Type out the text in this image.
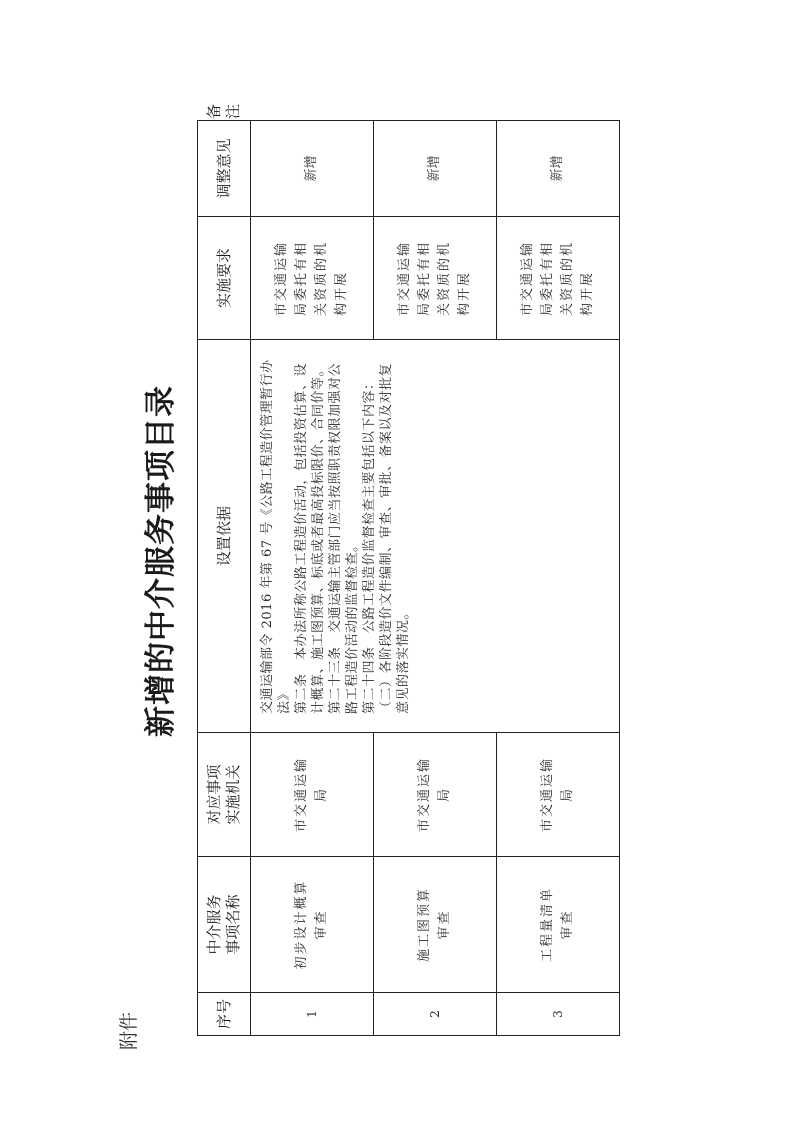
附件
新增的中介服务事项目录
序号	中介服务
事项名称	对应事项
实施机关	设置依据	实施要求	调整意见	备注
1	初步设计概算
审查	市交通运输局	交通运输部令 2016 年第 67 号《公路工程造价管理暂行办法》
第二条　本办法所称公路工程造价活动，包括投资估算、设计概算、施工图预算、标底或者最高投标限价、合同价等。
第二十三条　交通运输主管部门应当按照职责权限加强对公路工程造价活动的监督检查。
第二十四条　公路工程造价监督检查主要包括以下内容：（二）各阶段造价文件编制、审查、审批、备案以及对批复意见的落实情况。	市交通运输局委托有相关资质的机构开展	新增	
2	施工图预算
审查	市交通运输局		市交通运输局委托有相关资质的机构开展	新增	
3	工程量清单
审查	市交通运输局		市交通运输局委托有相关资质的机构开展	新增	
